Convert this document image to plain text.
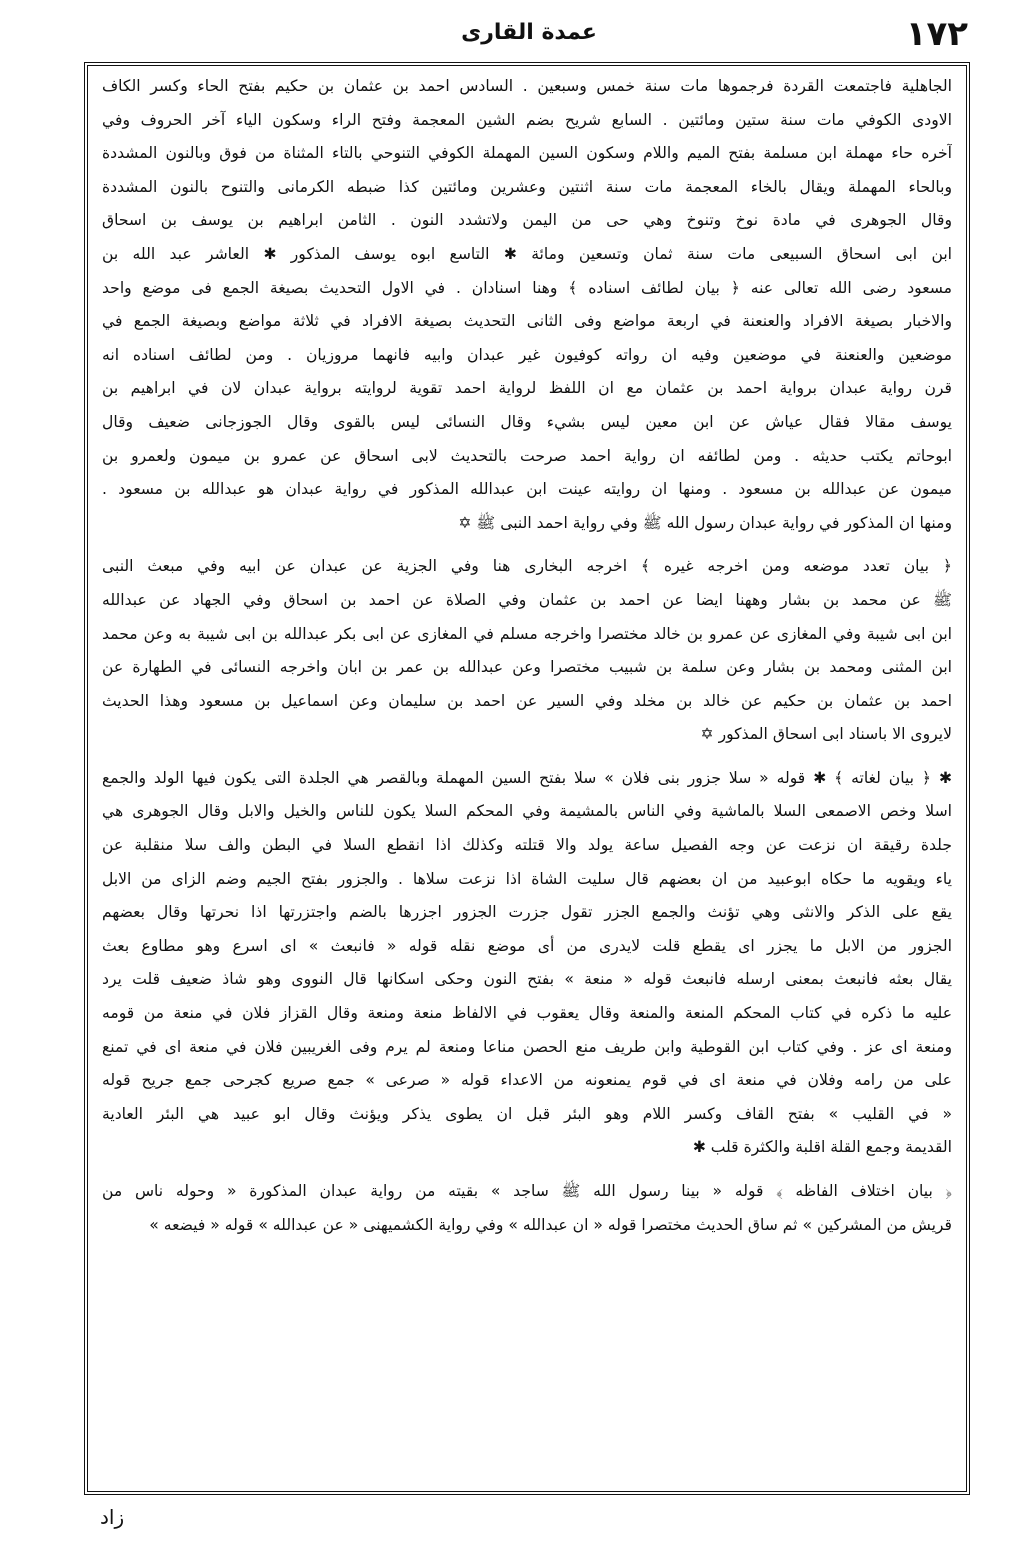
١٧٢
عمدة القارى
الجاهلية فاجتمعت القردة فرجموها مات سنة خمس وسبعين . السادس احمد بن عثمان بن حكيم بفتح الحاء وكسر الكاف
الاودى الكوفي مات سنة ستين ومائتين . السابع شريح بضم الشين المعجمة وفتح الراء وسكون الياء آخر الحروف وفي
آخره حاء مهملة ابن مسلمة بفتح الميم واللام وسكون السين المهملة الكوفي التنوحي بالتاء المثناة من فوق وبالنون المشددة
وبالحاء المهملة ويقال بالخاء المعجمة مات سنة اثنتين وعشرين ومائتين كذا ضبطه الكرمانى والتنوح بالنون المشددة
وقال الجوهرى في مادة نوخ وتنوخ وهي حى من اليمن ولاتشدد النون . الثامن ابراهيم بن يوسف بن اسحاق
ابن ابى اسحاق السبيعى مات سنة ثمان وتسعين ومائة ✱ التاسع ابوه يوسف المذكور ✱ العاشر عبد الله بن
مسعود رضى الله تعالى عنه ﴿ بيان لطائف اسناده ﴾ وهنا اسنادان . في الاول التحديث بصيغة الجمع فى موضع واحد
والاخبار بصيغة الافراد والعنعنة في اربعة مواضع وفى الثانى التحديث بصيغة الافراد في ثلاثة مواضع وبصيغة الجمع في
موضعين والعنعنة في موضعين وفيه ان رواته كوفيون غير عبدان وابيه فانهما مروزيان . ومن لطائف اسناده انه
قرن رواية عبدان برواية احمد بن عثمان مع ان اللفظ لرواية احمد تقوية لروايته برواية عبدان لان في ابراهيم بن
يوسف مقالا فقال عياش عن ابن معين ليس بشيء وقال النسائى ليس بالقوى وقال الجوزجانى ضعيف وقال
ابوحاتم يكتب حديثه . ومن لطائفه ان رواية احمد صرحت بالتحديث لابى اسحاق عن عمرو بن ميمون ولعمرو بن
ميمون عن عبدالله بن مسعود . ومنها ان روايته عينت ابن عبدالله المذكور في رواية عبدان هو عبدالله بن مسعود .
ومنها ان المذكور في رواية عبدان رسول الله ﷺ وفي رواية احمد النبى ﷺ ✡
﴿ بيان تعدد موضعه ومن اخرجه غيره ﴾ اخرجه البخارى هنا وفي الجزية عن عبدان عن ابيه وفي مبعث النبى
ﷺ عن محمد بن بشار وههنا ايضا عن احمد بن عثمان وفي الصلاة عن احمد بن اسحاق وفي الجهاد عن عبدالله
ابن ابى شيبة وفي المغازى عن عمرو بن خالد مختصرا واخرجه مسلم في المغازى عن ابى بكر عبدالله بن ابى شيبة به وعن محمد
ابن المثنى ومحمد بن بشار وعن سلمة بن شبيب مختصرا وعن عبدالله بن عمر بن ابان واخرجه النسائى في الطهارة عن
احمد بن عثمان بن حكيم عن خالد بن مخلد وفي السير عن احمد بن سليمان وعن اسماعيل بن مسعود وهذا الحديث
لايروى الا باسناد ابى اسحاق المذكور ✡
✱ ﴿ بيان لغاته ﴾ ✱ قوله « سلا جزور بنى فلان » سلا بفتح السين المهملة وبالقصر هي الجلدة التى يكون فيها الولد والجمع
اسلا وخص الاصمعى السلا بالماشية وفي الناس بالمشيمة وفي المحكم السلا يكون للناس والخيل والابل وقال الجوهرى هي
جلدة رقيقة ان نزعت عن وجه الفصيل ساعة يولد والا قتلته وكذلك اذا انقطع السلا في البطن والف سلا منقلبة عن
ياء ويقويه ما حكاه ابوعبيد من ان بعضهم قال سليت الشاة اذا نزعت سلاها . والجزور بفتح الجيم وضم الزاى من الابل
يقع على الذكر والانثى وهي تؤنث والجمع الجزر تقول جزرت الجزور اجزرها بالضم واجتزرتها اذا نحرتها وقال بعضهم
الجزور من الابل ما يجزر اى يقطع قلت لايدرى من أى موضع نقله قوله « فانبعث » اى اسرع وهو مطاوع بعث
يقال بعثه فانبعث بمعنى ارسله فانبعث قوله « منعة » بفتح النون وحكى اسكانها قال النووى وهو شاذ ضعيف قلت يرد
عليه ما ذكره في كتاب المحكم المنعة والمنعة وقال يعقوب في الالفاظ منعة ومنعة وقال القزاز فلان في منعة من قومه
ومنعة اى عز . وفي كتاب ابن القوطية وابن طريف منع الحصن مناعا ومنعة لم يرم وفى الغريبين فلان في منعة اى في تمنع
على من رامه وفلان في منعة اى في قوم يمنعونه من الاعداء قوله « صرعى » جمع صريع كجرحى جمع جريح قوله
« في القليب » بفتح القاف وكسر اللام وهو البئر قبل ان يطوى يذكر ويؤنث وقال ابو عبيد هي البئر العادية
القديمة وجمع القلة اقلبة والكثرة قلب ✱
﴿ بيان اختلاف الفاظه ﴾ قوله « بينا رسول الله ﷺ ساجد » بقيته من رواية عبدان المذكورة « وحوله ناس من
قريش من المشركين » ثم ساق الحديث مختصرا قوله « ان عبدالله » وفي رواية الكشميهنى « عن عبدالله » قوله « فيضعه »
زاد
